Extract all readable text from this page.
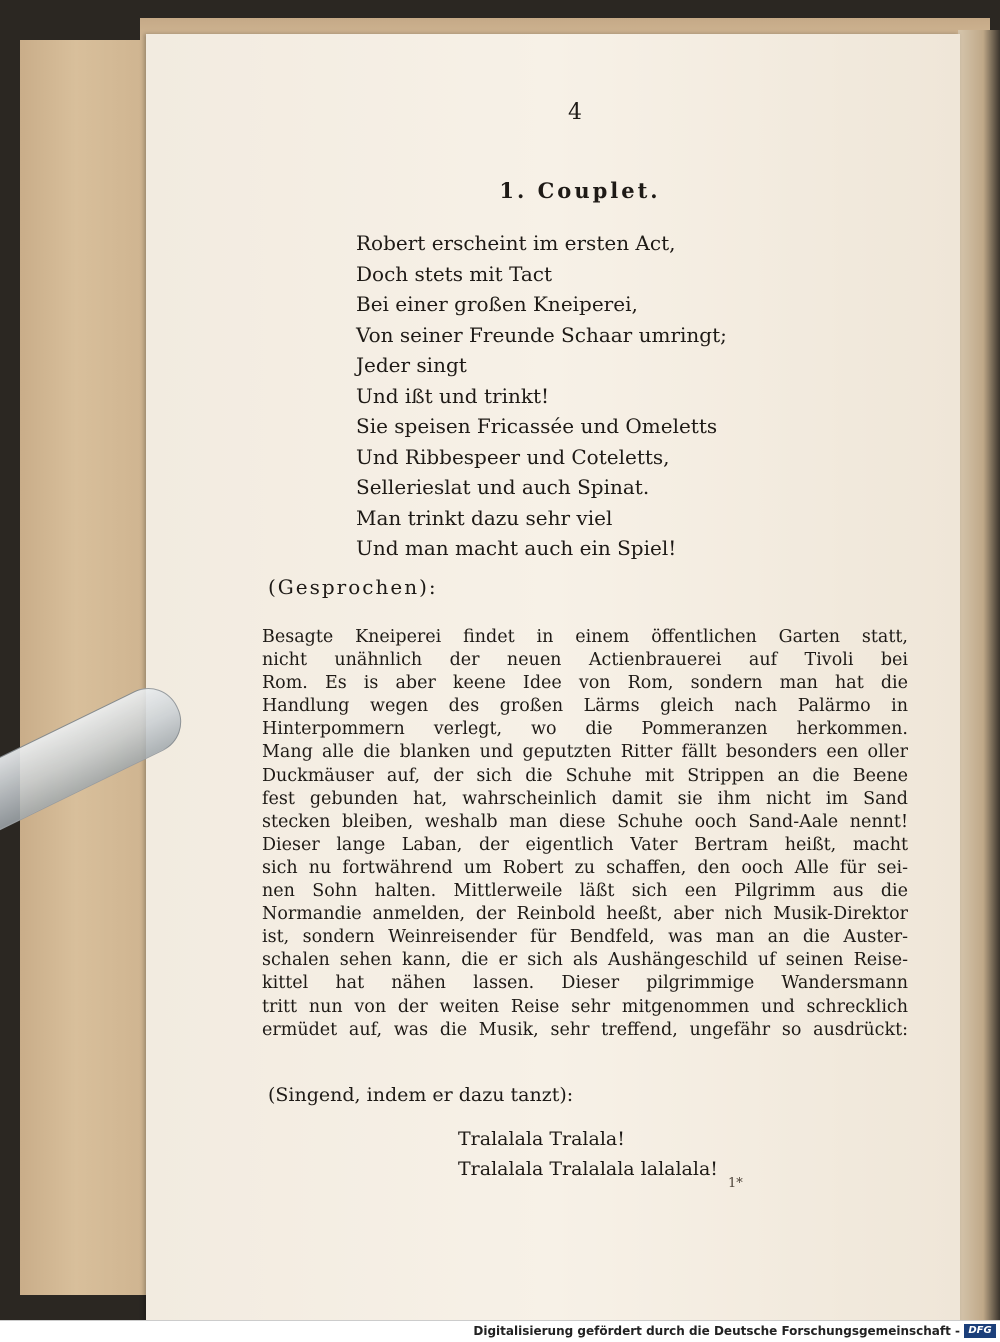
4
1. Couplet.
Robert erscheint im ersten Act,
Doch stets mit Tact
Bei einer großen Kneiperei,
Von seiner Freunde Schaar umringt;
Jeder singt
Und ißt und trinkt!
Sie speisen Fricassée und Omeletts
Und Ribbespeer und Coteletts,
Sellerieslat und auch Spinat.
Man trinkt dazu sehr viel
Und man macht auch ein Spiel!
(Gesprochen):
Besagte Kneiperei findet in einem öffentlichen Garten statt,
nicht unähnlich der neuen Actienbrauerei auf Tivoli bei
Rom. Es is aber keene Idee von Rom, sondern man hat die
Handlung wegen des großen Lärms gleich nach Palärmo in
Hinterpommern verlegt, wo die Pommeranzen herkommen.
Mang alle die blanken und geputzten Ritter fällt besonders een oller
Duckmäuser auf, der sich die Schuhe mit Strippen an die Beene
fest gebunden hat, wahrscheinlich damit sie ihm nicht im Sand
stecken bleiben, weshalb man diese Schuhe ooch Sand-Aale nennt!
Dieser lange Laban, der eigentlich Vater Bertram heißt, macht
sich nu fortwährend um Robert zu schaffen, den ooch Alle für sei-
nen Sohn halten. Mittlerweile läßt sich een Pilgrimm aus die
Normandie anmelden, der Reinbold heeßt, aber nich Musik-Direktor
ist, sondern Weinreisender für Bendfeld, was man an die Auster-
schalen sehen kann, die er sich als Aushängeschild uf seinen Reise-
kittel hat nähen lassen. Dieser pilgrimmige Wandersmann
tritt nun von der weiten Reise sehr mitgenommen und schrecklich
ermüdet auf, was die Musik, sehr treffend, ungefähr so ausdrückt:
(Singend, indem er dazu tanzt):
Tralalala Tralala!
Tralalala Tralalala lalalala!
1*
Digitalisierung gefördert durch die Deutsche Forschungsgemeinschaft - DFG
